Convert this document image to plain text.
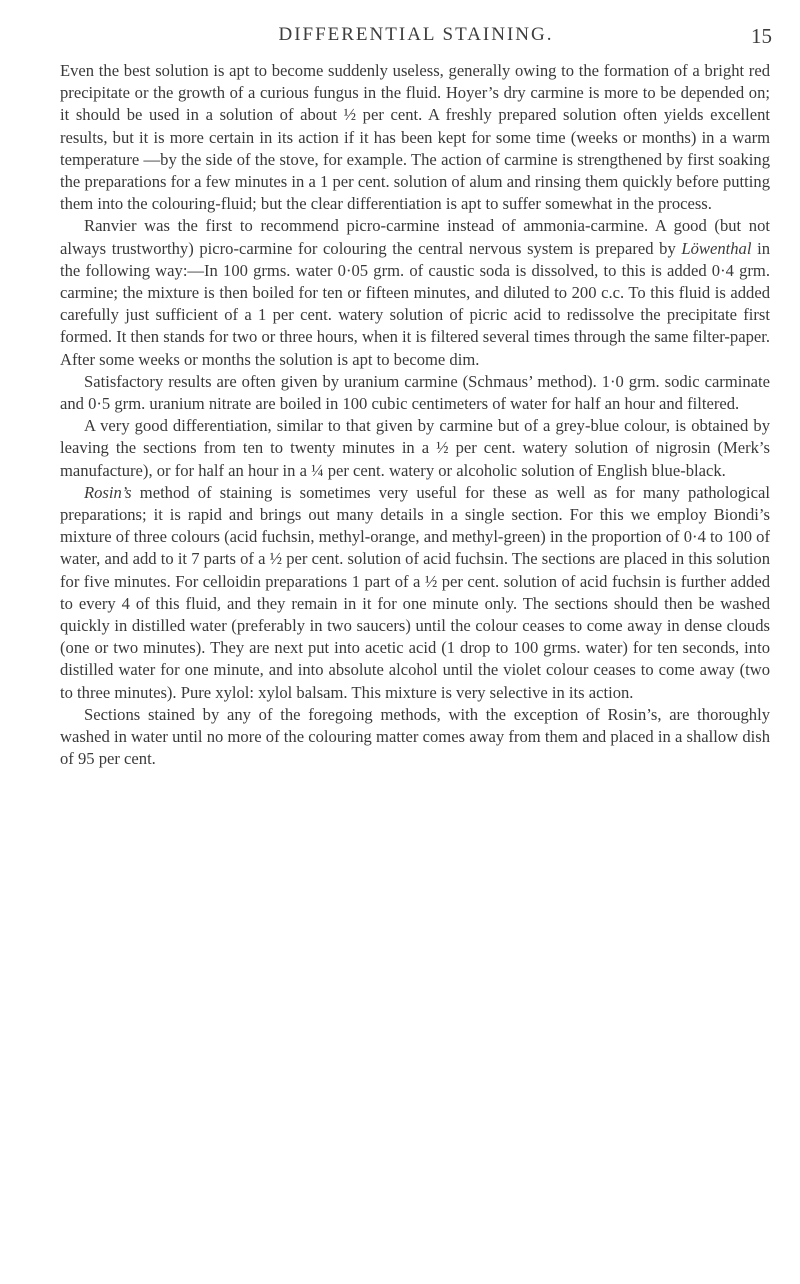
DIFFERENTIAL STAINING.	15

Even the best solution is apt to become suddenly useless, generally owing to the formation of a bright red precipitate or the growth of a curious fungus in the fluid. Hoyer’s dry carmine is more to be depended on; it should be used in a solution of about ½ per cent. A freshly prepared solution often yields excellent results, but it is more certain in its action if it has been kept for some time (weeks or months) in a warm temperature —by the side of the stove, for example. The action of carmine is strengthened by first soaking the preparations for a few minutes in a 1 per cent. solution of alum and rinsing them quickly before putting them into the colouring-fluid; but the clear differentiation is apt to suffer somewhat in the process.

Ranvier was the first to recommend picro-carmine instead of ammonia-carmine. A good (but not always trustworthy) picro-carmine for colouring the central nervous system is prepared by Löwenthal in the following way:—In 100 grms. water 0·05 grm. of caustic soda is dissolved, to this is added 0·4 grm. carmine; the mixture is then boiled for ten or fifteen minutes, and diluted to 200 c.c. To this fluid is added carefully just sufficient of a 1 per cent. watery solution of picric acid to redissolve the precipitate first formed. It then stands for two or three hours, when it is filtered several times through the same filter-paper. After some weeks or months the solution is apt to become dim.

Satisfactory results are often given by uranium carmine (Schmaus’ method). 1·0 grm. sodic carminate and 0·5 grm. uranium nitrate are boiled in 100 cubic centimeters of water for half an hour and filtered.

A very good differentiation, similar to that given by carmine but of a grey-blue colour, is obtained by leaving the sections from ten to twenty minutes in a ½ per cent. watery solution of nigrosin (Merk’s manufacture), or for half an hour in a ¼ per cent. watery or alcoholic solution of English blue-black.

Rosin’s method of staining is sometimes very useful for these as well as for many pathological preparations; it is rapid and brings out many details in a single section. For this we employ Biondi’s mixture of three colours (acid fuchsin, methyl-orange, and methyl-green) in the proportion of 0·4 to 100 of water, and add to it 7 parts of a ½ per cent. solution of acid fuchsin. The sections are placed in this solution for five minutes. For celloidin preparations 1 part of a ½ per cent. solution of acid fuchsin is further added to every 4 of this fluid, and they remain in it for one minute only. The sections should then be washed quickly in distilled water (preferably in two saucers) until the colour ceases to come away in dense clouds (one or two minutes). They are next put into acetic acid (1 drop to 100 grms. water) for ten seconds, into distilled water for one minute, and into absolute alcohol until the violet colour ceases to come away (two to three minutes). Pure xylol: xylol balsam. This mixture is very selective in its action.

Sections stained by any of the foregoing methods, with the exception of Rosin’s, are thoroughly washed in water until no more of the colouring matter comes away from them and placed in a shallow dish of 95 per cent.
